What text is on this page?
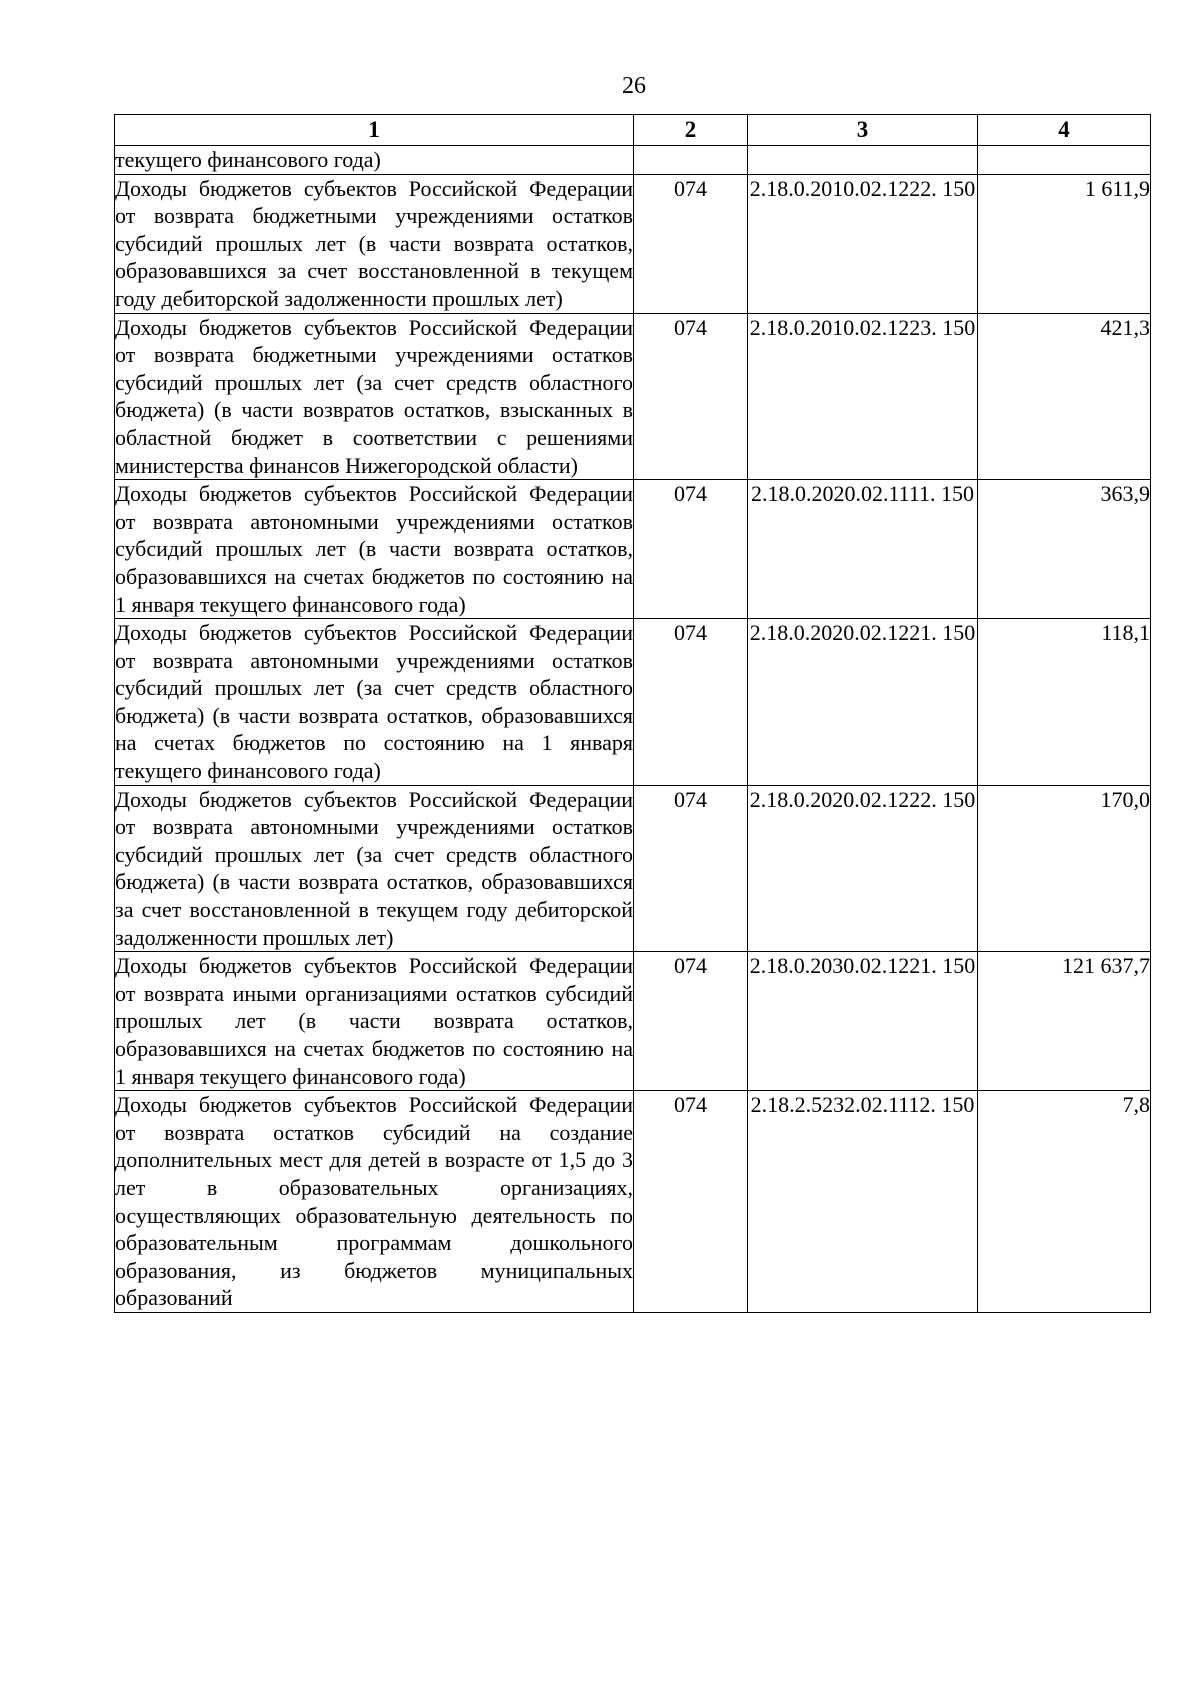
26
1	2	3	4

текущего финансового года)			

Доходы бюджетов субъектов Российской Федерации от возврата бюджетными учреждениями остатков субсидий прошлых лет (в части возврата остатков, образовавшихся за счет восстановленной в текущем году дебиторской задолженности прошлых лет)	074	2.18.0.2010.02.1222. 150	1 611,9

Доходы бюджетов субъектов Российской Федерации от возврата бюджетными учреждениями остатков субсидий прошлых лет (за счет средств областного бюджета) (в части возвратов остатков, взысканных в областной бюджет в соответствии с решениями министерства финансов Нижегородской области)	074	2.18.0.2010.02.1223. 150	421,3

Доходы бюджетов субъектов Российской Федерации от возврата автономными учреждениями остатков субсидий прошлых лет (в части возврата остатков, образовавшихся на счетах бюджетов по состоянию на 1 января текущего финансового года)	074	2.18.0.2020.02.1111. 150	363,9

Доходы бюджетов субъектов Российской Федерации от возврата автономными учреждениями остатков субсидий прошлых лет (за счет средств областного бюджета) (в части возврата остатков, образовавшихся на счетах бюджетов по состоянию на 1 января текущего финансового года)	074	2.18.0.2020.02.1221. 150	118,1

Доходы бюджетов субъектов Российской Федерации от возврата автономными учреждениями остатков субсидий прошлых лет (за счет средств областного бюджета) (в части возврата остатков, образовавшихся за счет восстановленной в текущем году дебиторской задолженности прошлых лет)	074	2.18.0.2020.02.1222. 150	170,0

Доходы бюджетов субъектов Российской Федерации от возврата иными организациями остатков субсидий прошлых лет (в части возврата остатков, образовавшихся на счетах бюджетов по состоянию на 1 января текущего финансового года)	074	2.18.0.2030.02.1221. 150	121 637,7

Доходы бюджетов субъектов Российской Федерации от возврата остатков субсидий на создание дополнительных мест для детей в возрасте от 1,5 до 3 лет в образовательных организациях, осуществляющих образовательную деятельность по образовательным программам дошкольного образования, из бюджетов муниципальных образований	074	2.18.2.5232.02.1112. 150	7,8
